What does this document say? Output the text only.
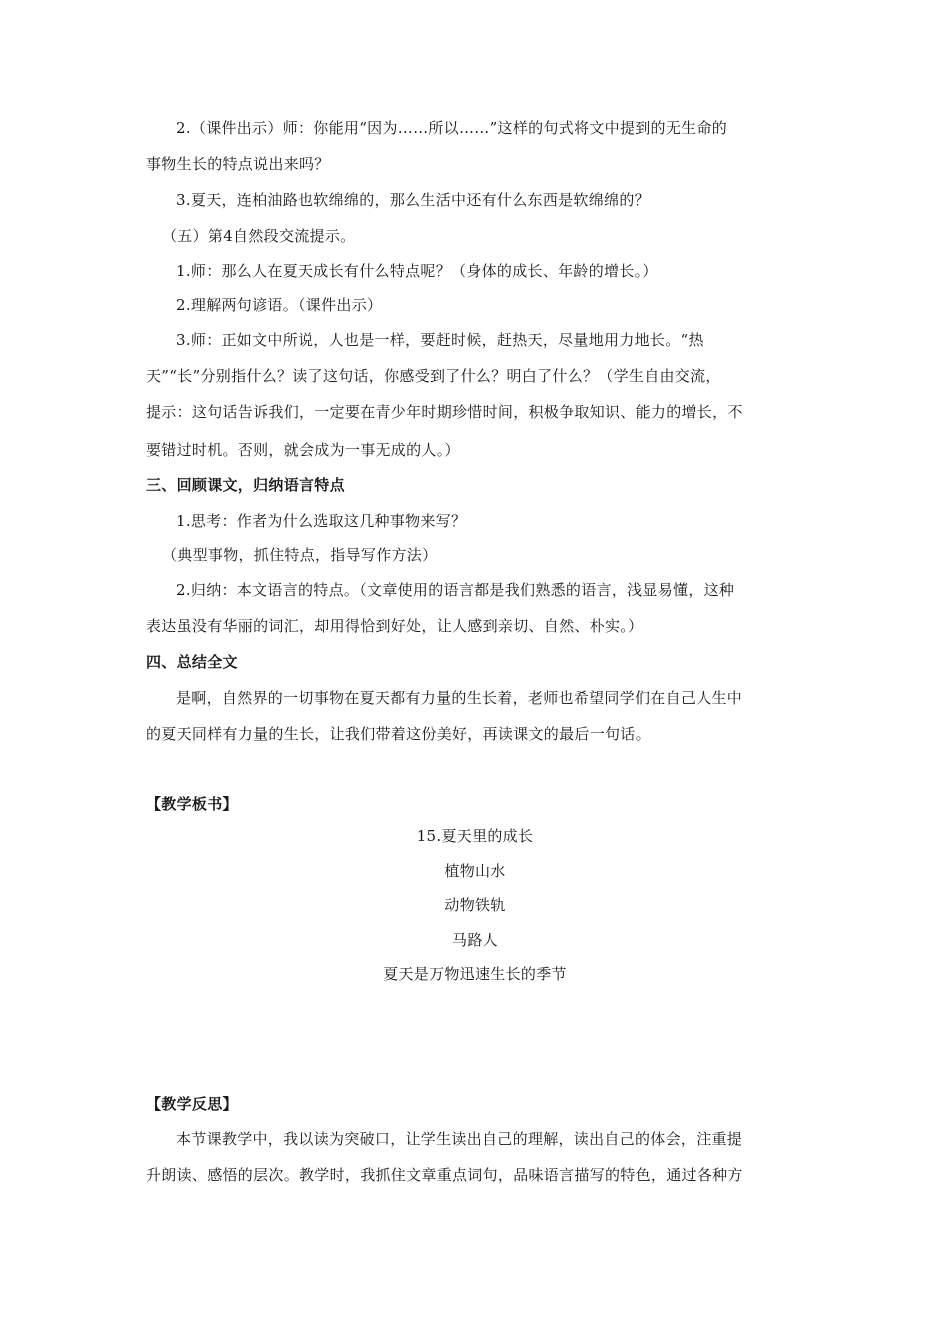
2.（课件出示）师：你能用“因为……所以……”这样的句式将文中提到的无生命的
事物生长的特点说出来吗？
3.夏天，连柏油路也软绵绵的，那么生活中还有什么东西是软绵绵的？
（五）第4自然段交流提示。
1.师：那么人在夏天成长有什么特点呢？（身体的成长、年龄的增长。）
2.理解两句谚语。（课件出示）
3.师：正如文中所说，人也是一样，要赶时候，赶热天，尽量地用力地长。“热
天”“长”分别指什么？读了这句话，你感受到了什么？明白了什么？（学生自由交流，
提示：这句话告诉我们，一定要在青少年时期珍惜时间，积极争取知识、能力的增长，不
要错过时机。否则，就会成为一事无成的人。）
三、回顾课文，归纳语言特点
1.思考：作者为什么选取这几种事物来写？
（典型事物，抓住特点，指导写作方法）
2.归纳：本文语言的特点。（文章使用的语言都是我们熟悉的语言，浅显易懂，这种
表达虽没有华丽的词汇，却用得恰到好处，让人感到亲切、自然、朴实。）
四、总结全文
是啊，自然界的一切事物在夏天都有力量的生长着，老师也希望同学们在自己人生中
的夏天同样有力量的生长，让我们带着这份美好，再读课文的最后一句话。
【教学板书】
15.夏天里的成长
植物山水
动物铁轨
马路人
夏天是万物迅速生长的季节
【教学反思】
本节课教学中，我以读为突破口，让学生读出自己的理解，读出自己的体会，注重提
升朗读、感悟的层次。教学时，我抓住文章重点词句，品味语言描写的特色，通过各种方
